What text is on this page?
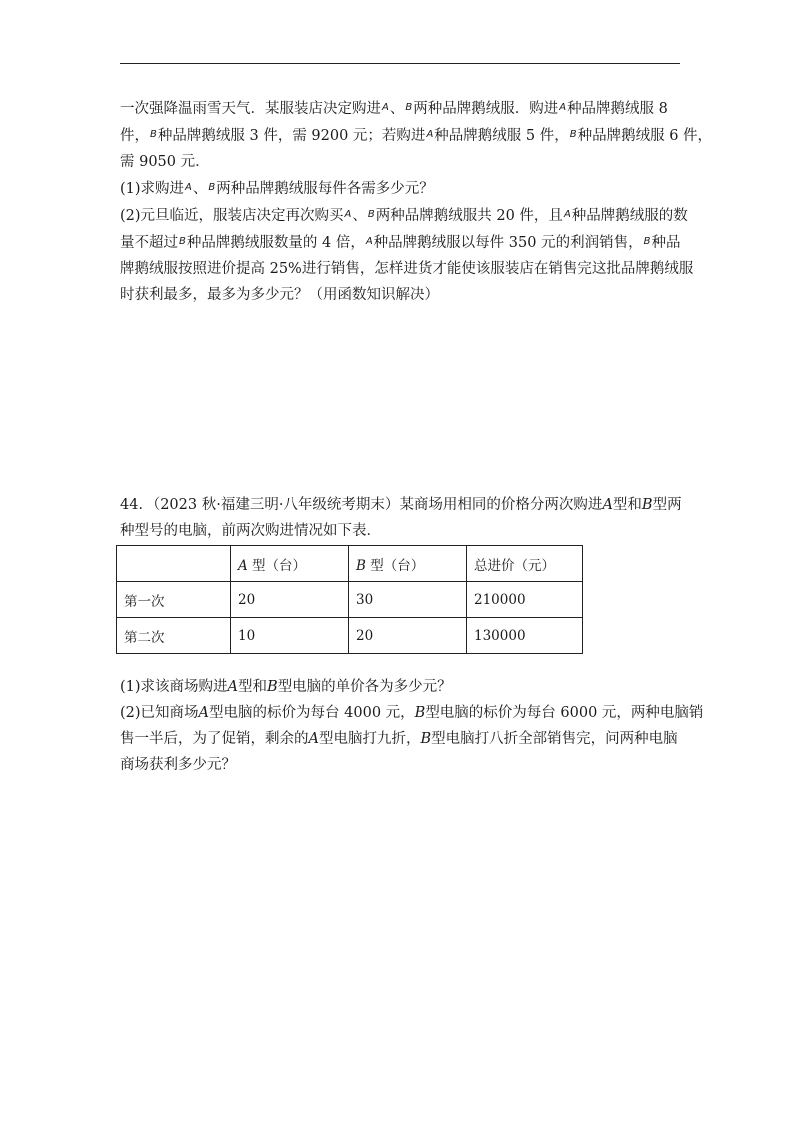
一次强降温雨雪天气．某服装店决定购进$^A$、$^B$两种品牌鹅绒服．购进$^A$种品牌鹅绒服 8
件，$^B$种品牌鹅绒服 3 件，需 9200 元；若购进$^A$种品牌鹅绒服 5 件，$^B$种品牌鹅绒服 6 件，
需 9050 元．
(1)求购进$^A$、$^B$两种品牌鹅绒服每件各需多少元？
(2)元旦临近，服装店决定再次购买$^A$、$^B$两种品牌鹅绒服共 20 件，且$^A$种品牌鹅绒服的数
量不超过$^B$种品牌鹅绒服数量的 4 倍，$^A$种品牌鹅绒服以每件 350 元的利润销售，$^B$种品
牌鹅绒服按照进价提高 25%进行销售，怎样进货才能使该服装店在销售完这批品牌鹅绒服
时获利最多，最多为多少元？（用函数知识解决）
44．（2023 秋·福建三明·八年级统考期末）某商场用相同的价格分两次购进A型和B型两
种型号的电脑，前两次购进情况如下表．
	A 型（台）	B 型（台）	总进价（元）
第一次	20	30	210000
第二次	10	20	130000
(1)求该商场购进A型和B型电脑的单价各为多少元？
(2)已知商场A型电脑的标价为每台 4000 元，B型电脑的标价为每台 6000 元，两种电脑销
售一半后，为了促销，剩余的A型电脑打九折，B型电脑打八折全部销售完，问两种电脑
商场获利多少元？
